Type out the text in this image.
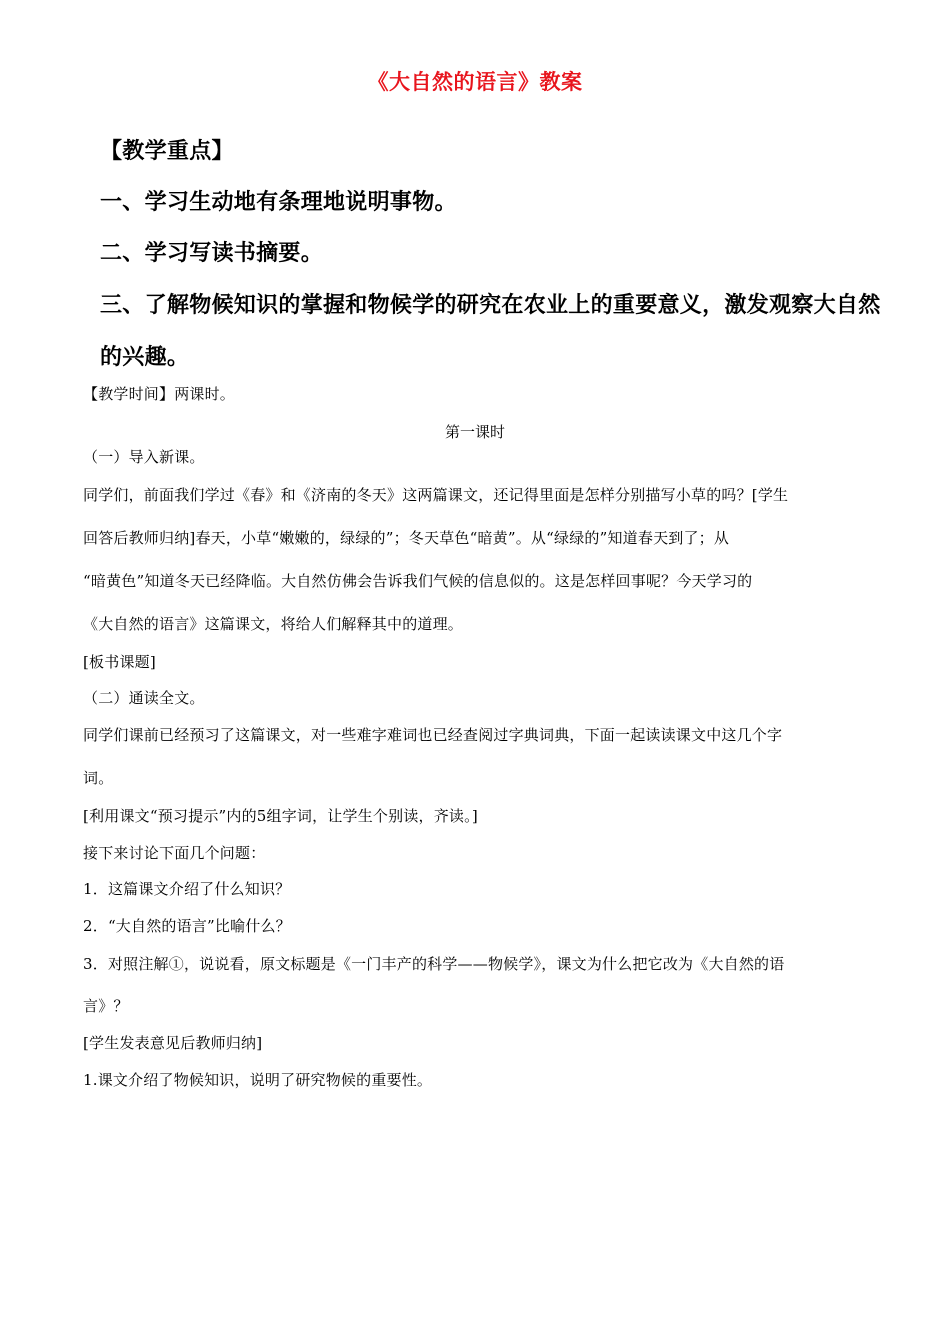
《大自然的语言》教案
【教学重点】
一、学习生动地有条理地说明事物。
二、学习写读书摘要。
三、了解物候知识的掌握和物候学的研究在农业上的重要意义，激发观察大自然
的兴趣。
【教学时间】两课时。
第一课时
（一）导入新课。
同学们，前面我们学过《春》和《济南的冬天》这两篇课文，还记得里面是怎样分别描写小草的吗？[学生
回答后教师归纳]春天，小草“嫩嫩的，绿绿的”；冬天草色“暗黄”。从“绿绿的”知道春天到了；从
“暗黄色”知道冬天已经降临。大自然仿佛会告诉我们气候的信息似的。这是怎样回事呢？今天学习的
《大自然的语言》这篇课文，将给人们解释其中的道理。
[板书课题]
（二）通读全文。
同学们课前已经预习了这篇课文，对一些难字难词也已经查阅过字典词典，下面一起读读课文中这几个字
词。
[利用课文“预习提示”内的5组字词，让学生个别读，齐读。]
接下来讨论下面几个问题：
1．这篇课文介绍了什么知识？
2．“大自然的语言”比喻什么？
3．对照注解①，说说看，原文标题是《一门丰产的科学——物候学》，课文为什么把它改为《大自然的语
言》？
[学生发表意见后教师归纳]
1.课文介绍了物候知识，说明了研究物候的重要性。
